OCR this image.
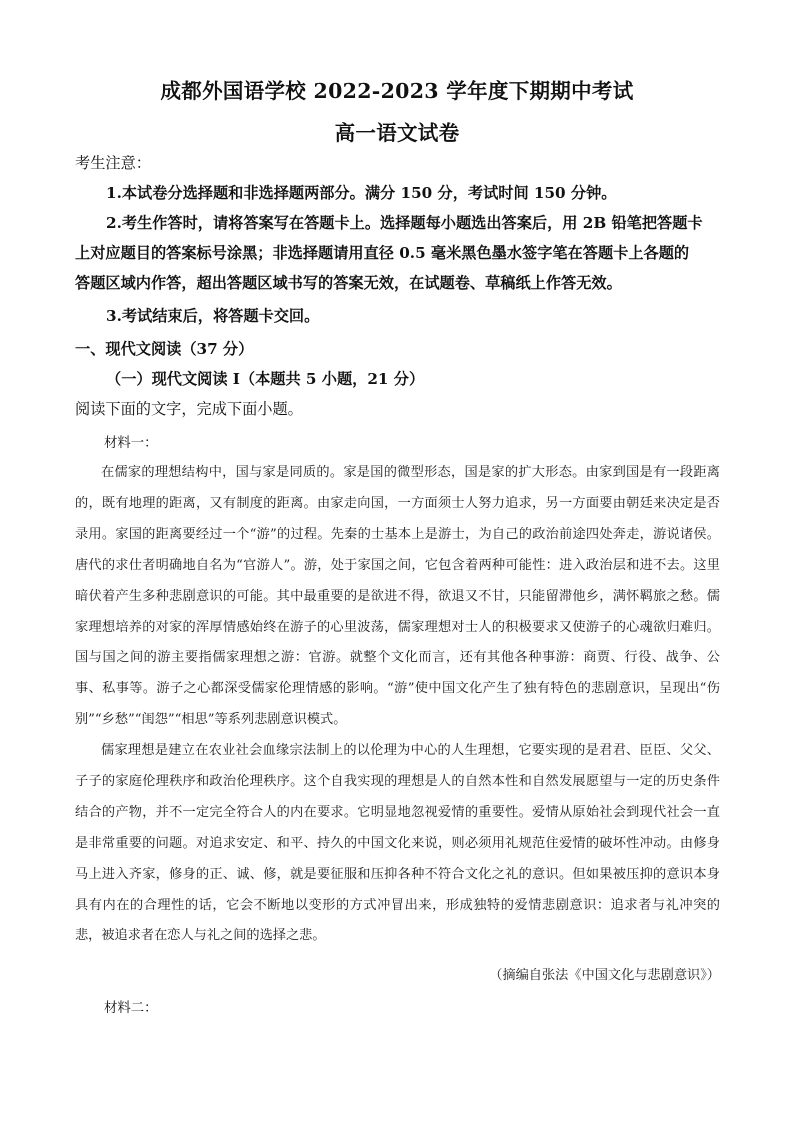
成都外国语学校 2022-2023 学年度下期期中考试
高一语文试卷
考生注意：
1.本试卷分选择题和非选择题两部分。满分 150 分，考试时间 150 分钟。
2.考生作答时，请将答案写在答题卡上。选择题每小题选出答案后，用 2B 铅笔把答题卡
上对应题目的答案标号涂黑；非选择题请用直径 0.5 毫米黑色墨水签字笔在答题卡上各题的
答题区域内作答，超出答题区域书写的答案无效，在试题卷、草稿纸上作答无效。
3.考试结束后，将答题卡交回。
一、现代文阅读（37 分）
（一）现代文阅读 I（本题共 5 小题，21 分）
阅读下面的文字，完成下面小题。
材料一：
在儒家的理想结构中，国与家是同质的。家是国的微型形态，国是家的扩大形态。由家到国是有一段距离的，既有地理的距离，又有制度的距离。由家走向国，一方面须士人努力追求，另一方面要由朝廷来决定是否录用。家国的距离要经过一个“游”的过程。先秦的士基本上是游士，为自己的政治前途四处奔走，游说诸侯。唐代的求仕者明确地自名为“官游人”。游，处于家国之间，它包含着两种可能性：进入政治层和进不去。这里暗伏着产生多种悲剧意识的可能。其中最重要的是欲进不得，欲退又不甘，只能留滞他乡，满怀羁旅之愁。儒家理想培养的对家的浑厚情感始终在游子的心里波荡，儒家理想对士人的积极要求又使游子的心魂欲归难归。国与国之间的游主要指儒家理想之游：官游。就整个文化而言，还有其他各种事游：商贾、行役、战争、公事、私事等。游子之心都深受儒家伦理情感的影响。“游”使中国文化产生了独有特色的悲剧意识，呈现出“伤别”“乡愁”“闺怨”“相思”等系列悲剧意识模式。
儒家理想是建立在农业社会血缘宗法制上的以伦理为中心的人生理想，它要实现的是君君、臣臣、父父、子子的家庭伦理秩序和政治伦理秩序。这个自我实现的理想是人的自然本性和自然发展愿望与一定的历史条件结合的产物，并不一定完全符合人的内在要求。它明显地忽视爱情的重要性。爱情从原始社会到现代社会一直是非常重要的问题。对追求安定、和平、持久的中国文化来说，则必须用礼规范住爱情的破坏性冲动。由修身马上进入齐家，修身的正、诚、修，就是要征服和压抑各种不符合文化之礼的意识。但如果被压抑的意识本身具有内在的合理性的话，它会不断地以变形的方式冲冒出来，形成独特的爱情悲剧意识：追求者与礼冲突的悲，被追求者在恋人与礼之间的选择之悲。
（摘编自张法《中国文化与悲剧意识》）
材料二：
